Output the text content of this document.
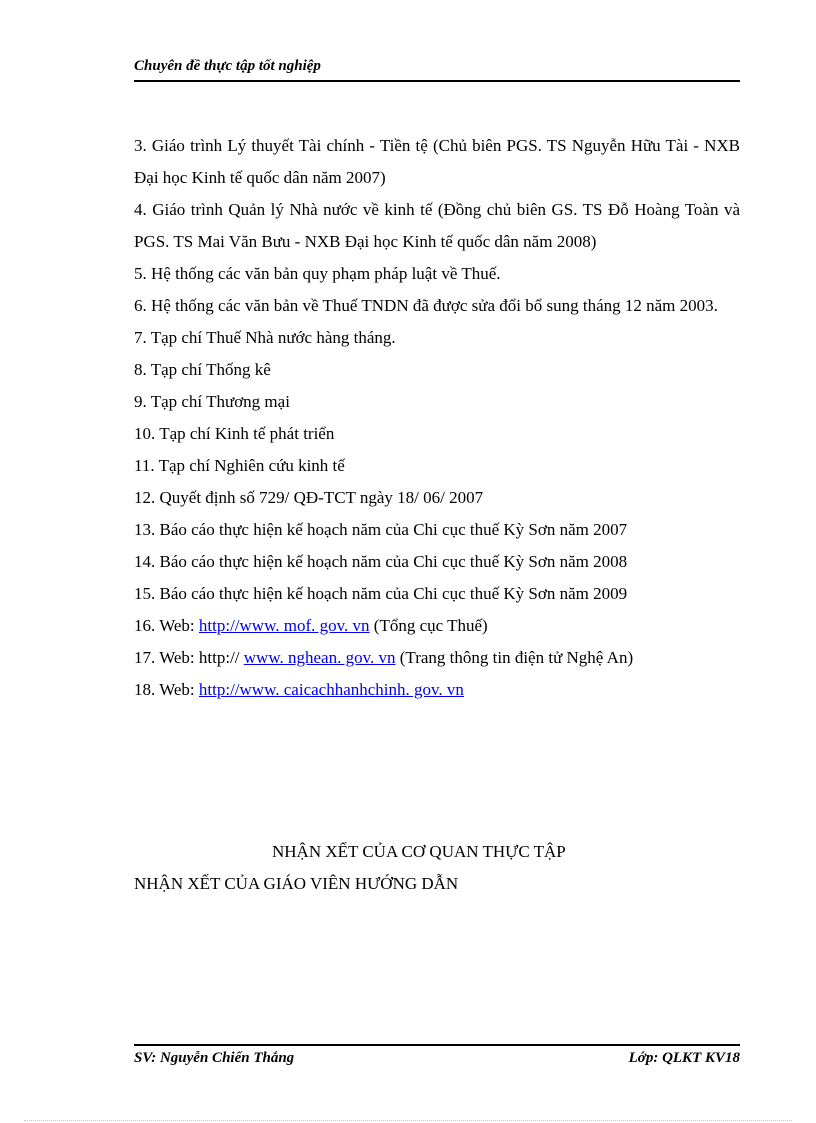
Chuyên đề thực tập tốt nghiệp

3. Giáo trình Lý thuyết Tài chính - Tiền tệ (Chủ biên PGS. TS Nguyễn Hữu Tài - NXB Đại học Kinh tế quốc dân năm 2007)

4. Giáo trình Quản lý Nhà nước về kinh tế (Đồng chủ biên GS. TS Đỗ Hoàng Toàn và PGS. TS Mai Văn Bưu - NXB Đại học Kinh tế quốc dân năm 2008)

5. Hệ thống các văn bản quy phạm pháp luật về Thuế.

6. Hệ thống các văn bản về Thuế TNDN đã được sửa đổi bổ sung tháng 12 năm 2003.

7. Tạp chí Thuế Nhà nước hàng tháng.

8. Tạp chí Thống kê

9. Tạp chí Thương mại

10. Tạp chí Kinh tế phát triển

11. Tạp chí Nghiên cứu kinh tế

12. Quyết định số 729/ QĐ-TCT ngày 18/ 06/ 2007

13. Báo cáo thực hiện kế hoạch năm của Chi cục thuế Kỳ Sơn năm 2007

14. Báo cáo thực hiện kế hoạch năm của Chi cục thuế Kỳ Sơn năm 2008

15. Báo cáo thực hiện kế hoạch năm của Chi cục thuế Kỳ Sơn năm 2009

16. Web: http://www. mof. gov. vn (Tổng cục Thuế)

17. Web: http:// www. nghean. gov. vn (Trang thông tin điện tử Nghệ An)

18. Web: http://www. caicachhanhchinh. gov. vn

NHẬN XẾT CỦA CƠ QUAN THỰC TẬP
NHẬN XẾT CỦA GIÁO VIÊN HƯỚNG DẪN
SV: Nguyễn Chiến Thắng	Lớp: QLKT KV18
